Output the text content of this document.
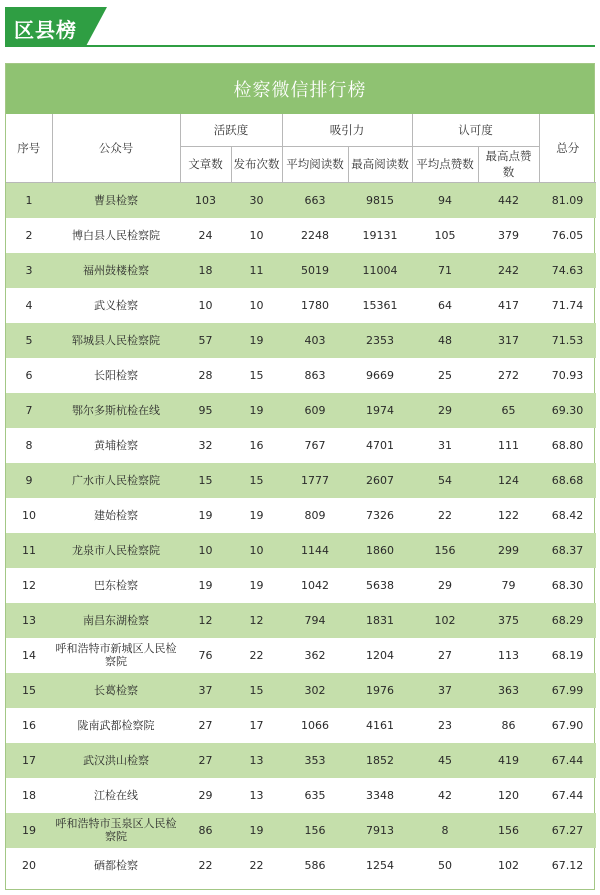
区县榜
检察微信排行榜
序号	公众号	活跃度		吸引力		认可度		总分
		文章数	发布次数	平均阅读数	最高阅读数	平均点赞数	最高点赞数	
1	曹县检察	103	30	663	9815	94	442	81.09
2	博白县人民检察院	24	10	2248	19131	105	379	76.05
3	福州鼓楼检察	18	11	5019	11004	71	242	74.63
4	武义检察	10	10	1780	15361	64	417	71.74
5	郓城县人民检察院	57	19	403	2353	48	317	71.53
6	长阳检察	28	15	863	9669	25	272	70.93
7	鄂尔多斯杭检在线	95	19	609	1974	29	65	69.30
8	黄埔检察	32	16	767	4701	31	111	68.80
9	广水市人民检察院	15	15	1777	2607	54	124	68.68
10	建始检察	19	19	809	7326	22	122	68.42
11	龙泉市人民检察院	10	10	1144	1860	156	299	68.37
12	巴东检察	19	19	1042	5638	29	79	68.30
13	南昌东湖检察	12	12	794	1831	102	375	68.29
14	呼和浩特市新城区人民检察院	76	22	362	1204	27	113	68.19
15	长葛检察	37	15	302	1976	37	363	67.99
16	陇南武都检察院	27	17	1066	4161	23	86	67.90
17	武汉洪山检察	27	13	353	1852	45	419	67.44
18	江检在线	29	13	635	3348	42	120	67.44
19	呼和浩特市玉泉区人民检察院	86	19	156	7913	8	156	67.27
20	硒都检察	22	22	586	1254	50	102	67.12
